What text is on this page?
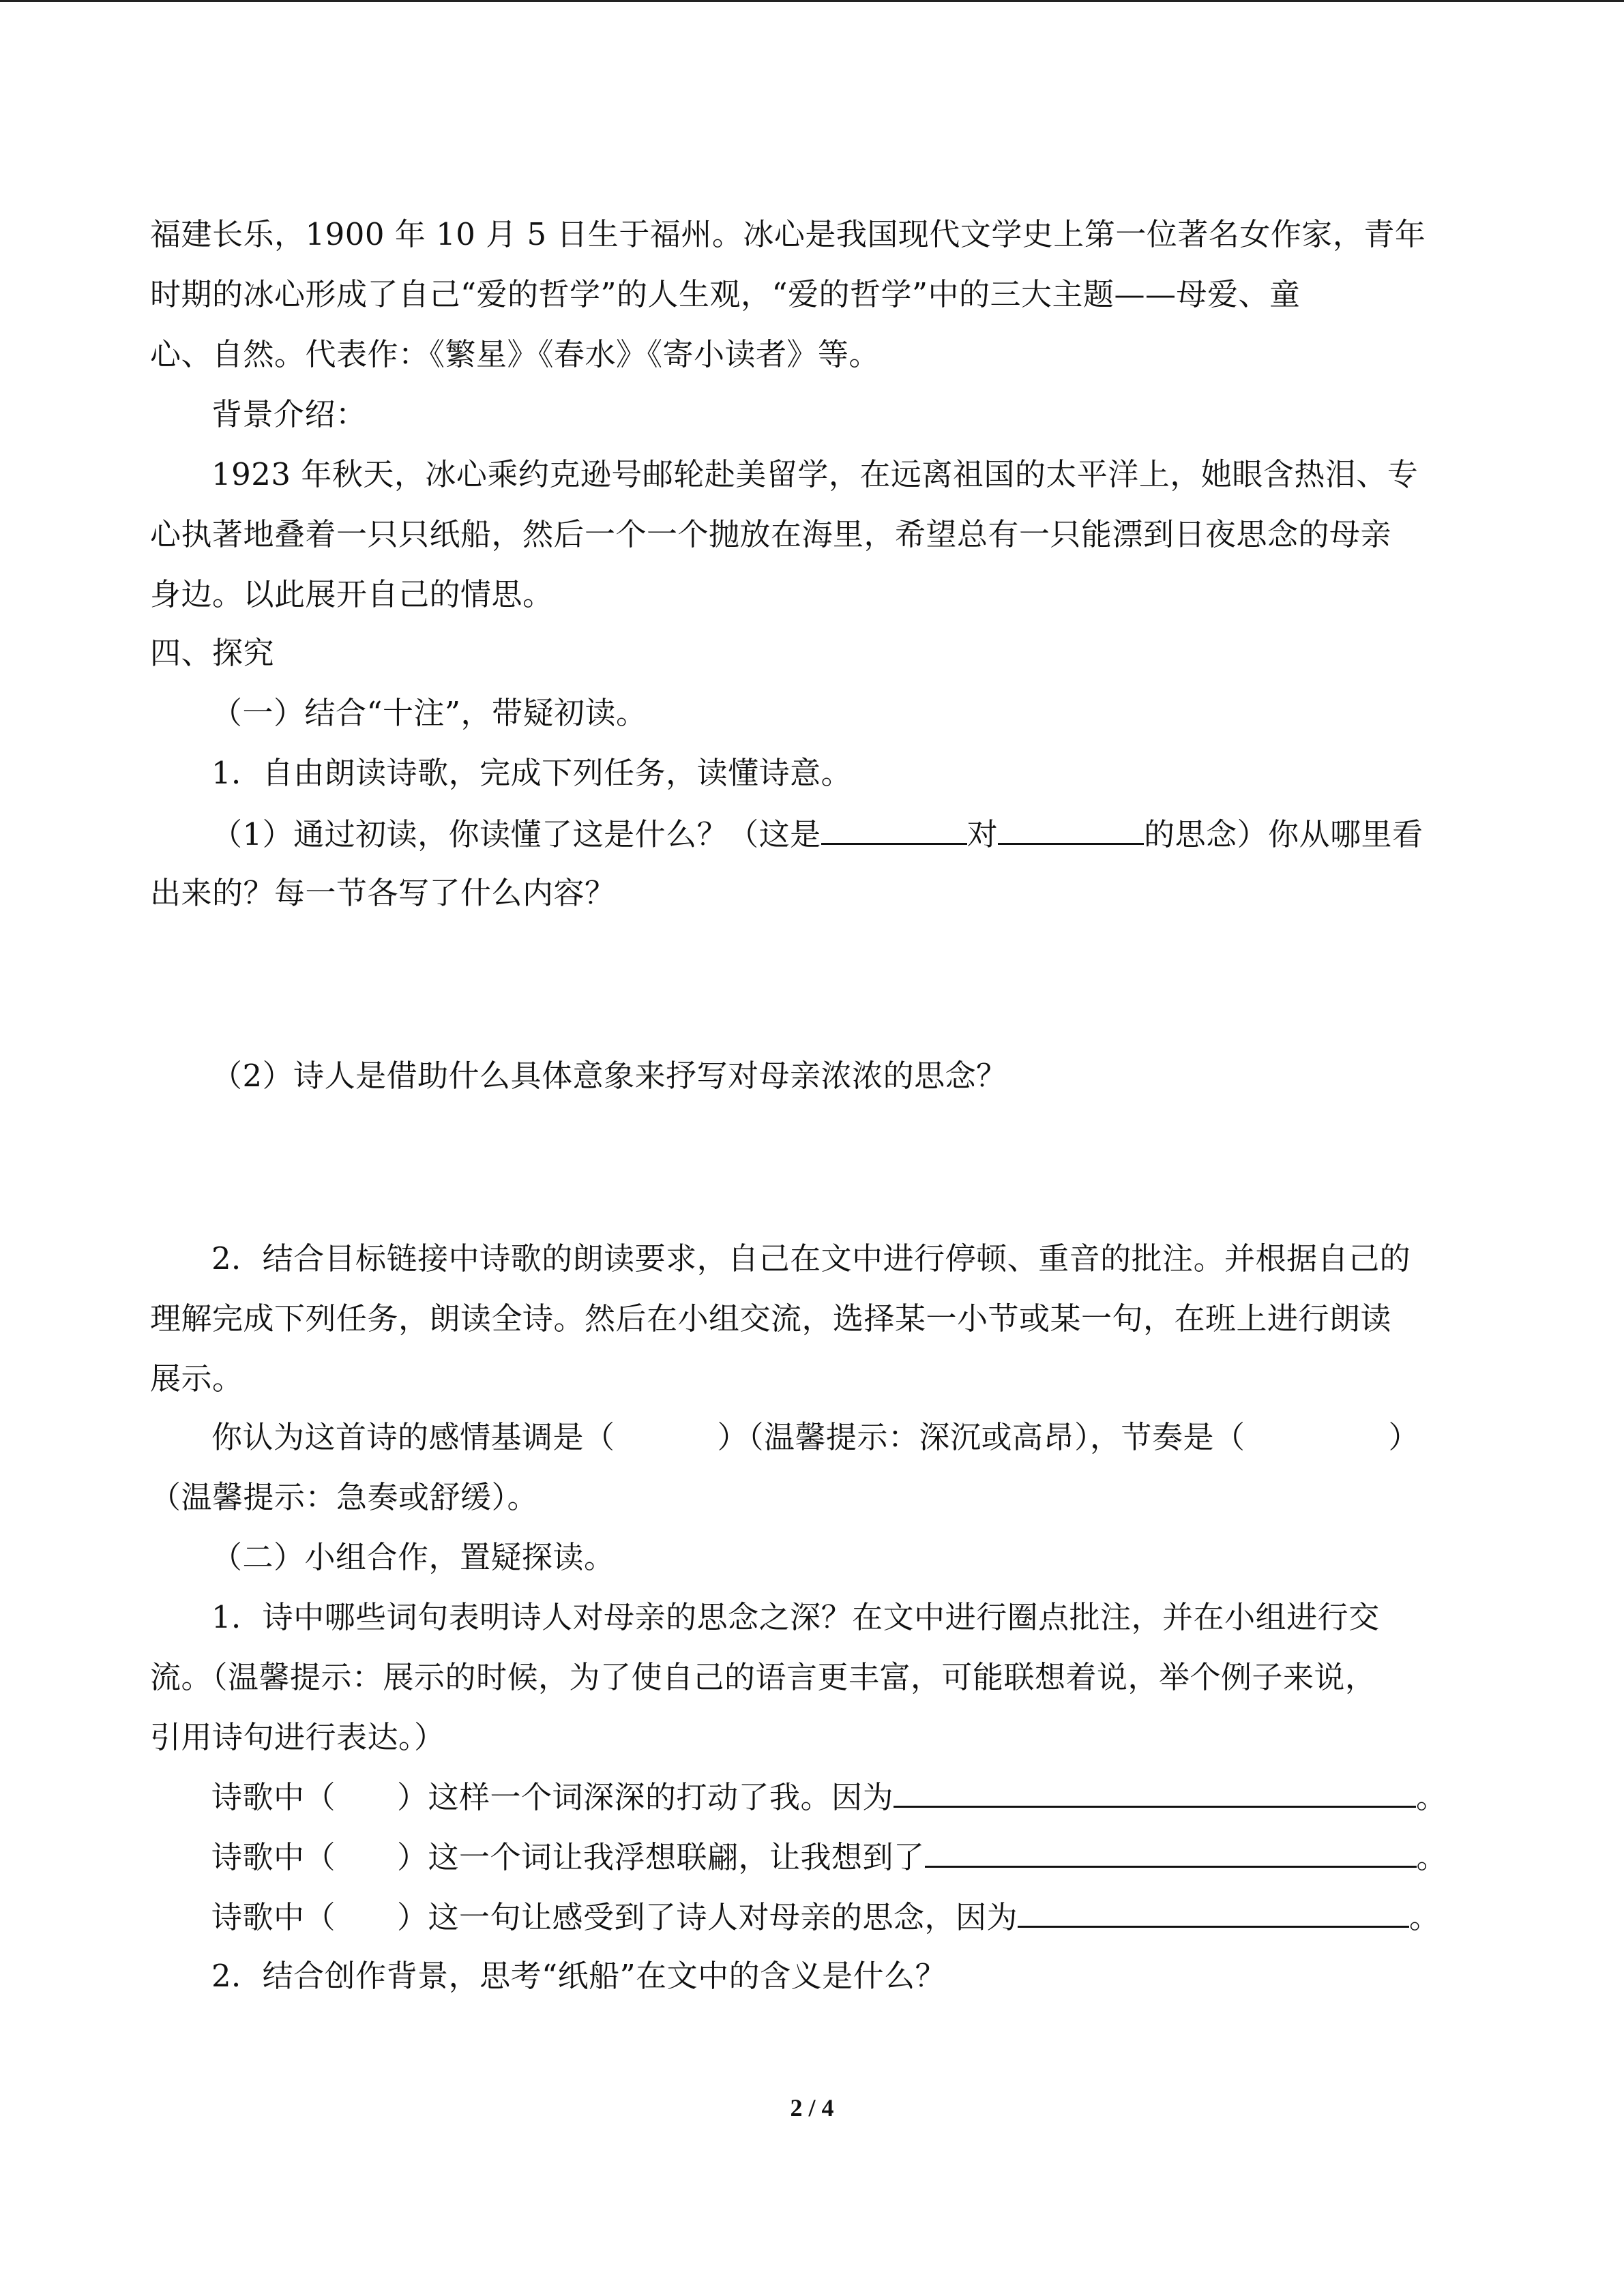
福建长乐，1900 年 10 月 5 日生于福州。冰心是我国现代文学史上第一位著名女作家，青年
时期的冰心形成了自己“爱的哲学”的人生观，“爱的哲学”中的三大主题——母爱、童
心、自然。代表作：《繁星》《春水》《寄小读者》等。
背景介绍：
1923 年秋天，冰心乘约克逊号邮轮赴美留学，在远离祖国的太平洋上，她眼含热泪、专
心执著地叠着一只只纸船，然后一个一个抛放在海里，希望总有一只能漂到日夜思念的母亲
身边。以此展开自己的情思。
四、探究
（一）结合“十注”，带疑初读。
1．自由朗读诗歌，完成下列任务，读懂诗意。
（1）通过初读，你读懂了这是什么？（这是	对	的思念）你从哪里看
出来的？每一节各写了什么内容？
（2）诗人是借助什么具体意象来抒写对母亲浓浓的思念？
2．结合目标链接中诗歌的朗读要求，自己在文中进行停顿、重音的批注。并根据自己的
理解完成下列任务，朗读全诗。然后在小组交流，选择某一小节或某一句，在班上进行朗读
展示。
你认为这首诗的感情基调是（	）（温馨提示：深沉或高昂），节奏是（	）
（温馨提示：急奏或舒缓）。
（二）小组合作，置疑探读。
1．诗中哪些词句表明诗人对母亲的思念之深？在文中进行圈点批注，并在小组进行交
流。（温馨提示：展示的时候，为了使自己的语言更丰富，可能联想着说，举个例子来说，
引用诗句进行表达。）
诗歌中（ ）这样一个词深深的打动了我。因为	。
诗歌中（ ）这一个词让我浮想联翩，让我想到了	。
诗歌中（ ）这一句让感受到了诗人对母亲的思念，因为	。
2．结合创作背景，思考“纸船”在文中的含义是什么？
2 / 4
